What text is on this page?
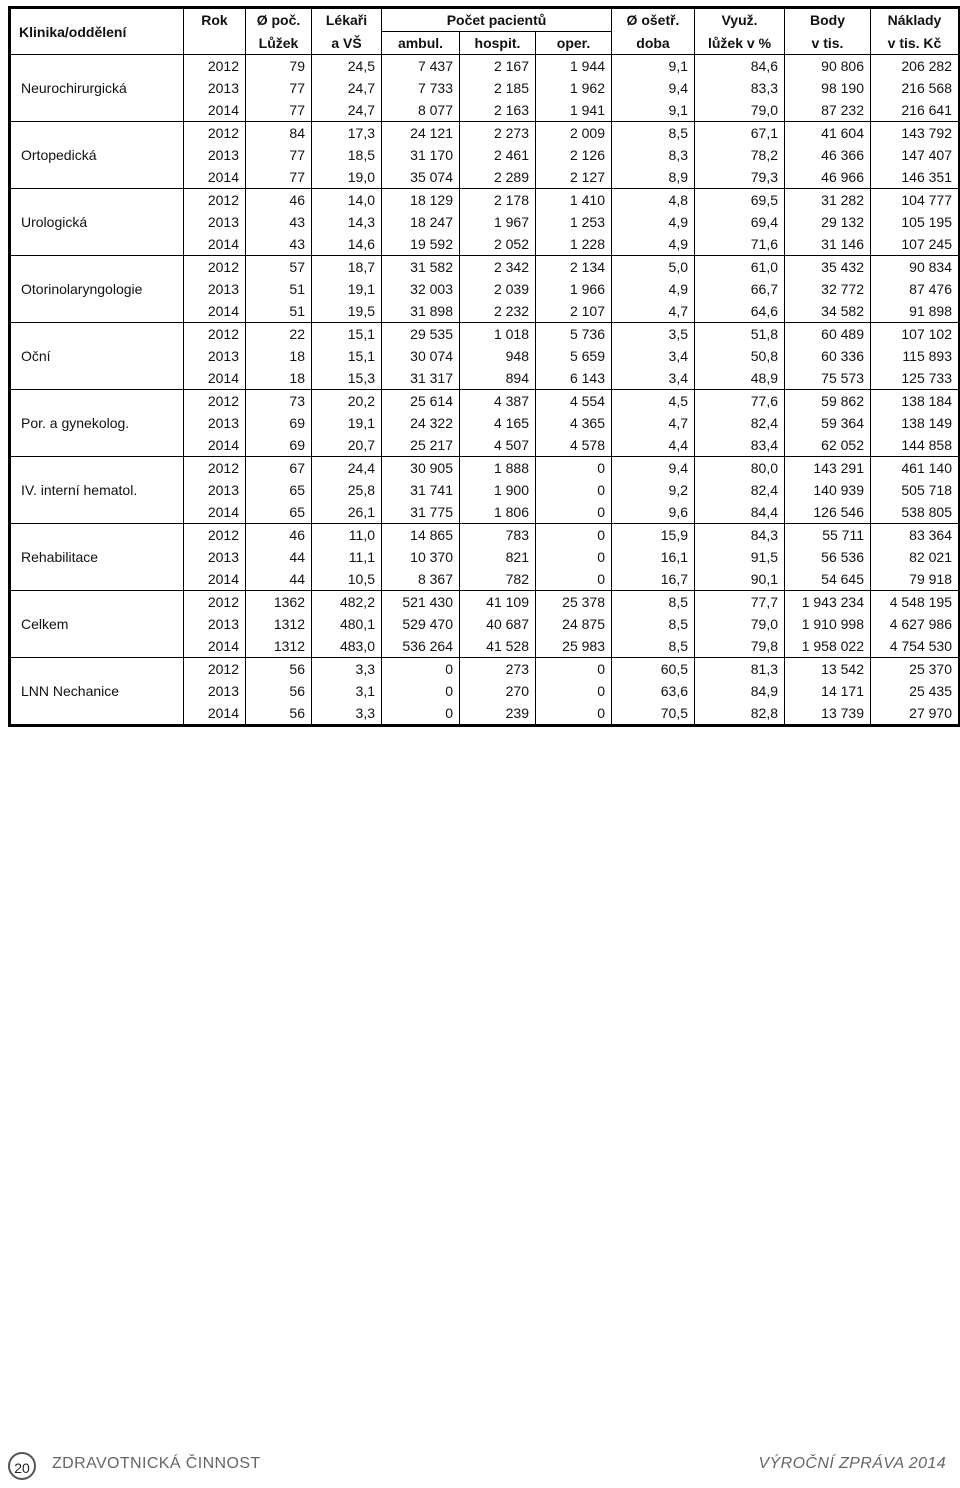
Klinika/oddělení	Rok	Ø poč.	Lékaři	Počet pacientů			Ø ošetř.	Využ.	Body	Náklady
		Lůžek	a VŠ	ambul.	hospit.	oper.	doba	lůžek v %	v tis.	v tis. Kč
Neurochirurgická	2012	79	24,5	7 437	2 167	1 944	9,1	84,6	90 806	206 282
	2013	77	24,7	7 733	2 185	1 962	9,4	83,3	98 190	216 568
	2014	77	24,7	8 077	2 163	1 941	9,1	79,0	87 232	216 641
Ortopedická	2012	84	17,3	24 121	2 273	2 009	8,5	67,1	41 604	143 792
	2013	77	18,5	31 170	2 461	2 126	8,3	78,2	46 366	147 407
	2014	77	19,0	35 074	2 289	2 127	8,9	79,3	46 966	146 351
Urologická	2012	46	14,0	18 129	2 178	1 410	4,8	69,5	31 282	104 777
	2013	43	14,3	18 247	1 967	1 253	4,9	69,4	29 132	105 195
	2014	43	14,6	19 592	2 052	1 228	4,9	71,6	31 146	107 245
Otorinolaryngologie	2012	57	18,7	31 582	2 342	2 134	5,0	61,0	35 432	90 834
	2013	51	19,1	32 003	2 039	1 966	4,9	66,7	32 772	87 476
	2014	51	19,5	31 898	2 232	2 107	4,7	64,6	34 582	91 898
Oční	2012	22	15,1	29 535	1 018	5 736	3,5	51,8	60 489	107 102
	2013	18	15,1	30 074	948	5 659	3,4	50,8	60 336	115 893
	2014	18	15,3	31 317	894	6 143	3,4	48,9	75 573	125 733
Por. a gynekolog.	2012	73	20,2	25 614	4 387	4 554	4,5	77,6	59 862	138 184
	2013	69	19,1	24 322	4 165	4 365	4,7	82,4	59 364	138 149
	2014	69	20,7	25 217	4 507	4 578	4,4	83,4	62 052	144 858
IV. interní hematol.	2012	67	24,4	30 905	1 888	0	9,4	80,0	143 291	461 140
	2013	65	25,8	31 741	1 900	0	9,2	82,4	140 939	505 718
	2014	65	26,1	31 775	1 806	0	9,6	84,4	126 546	538 805
Rehabilitace	2012	46	11,0	14 865	783	0	15,9	84,3	55 711	83 364
	2013	44	11,1	10 370	821	0	16,1	91,5	56 536	82 021
	2014	44	10,5	8 367	782	0	16,7	90,1	54 645	79 918
Celkem	2012	1362	482,2	521 430	41 109	25 378	8,5	77,7	1 943 234	4 548 195
	2013	1312	480,1	529 470	40 687	24 875	8,5	79,0	1 910 998	4 627 986
	2014	1312	483,0	536 264	41 528	25 983	8,5	79,8	1 958 022	4 754 530
LNN Nechanice	2012	56	3,3	0	273	0	60,5	81,3	13 542	25 370
	2013	56	3,1	0	270	0	63,6	84,9	14 171	25 435
	2014	56	3,3	0	239	0	70,5	82,8	13 739	27 970
20	ZDRAVOTNICKÁ ČINNOST	VÝROČNÍ ZPRÁVA 2014
